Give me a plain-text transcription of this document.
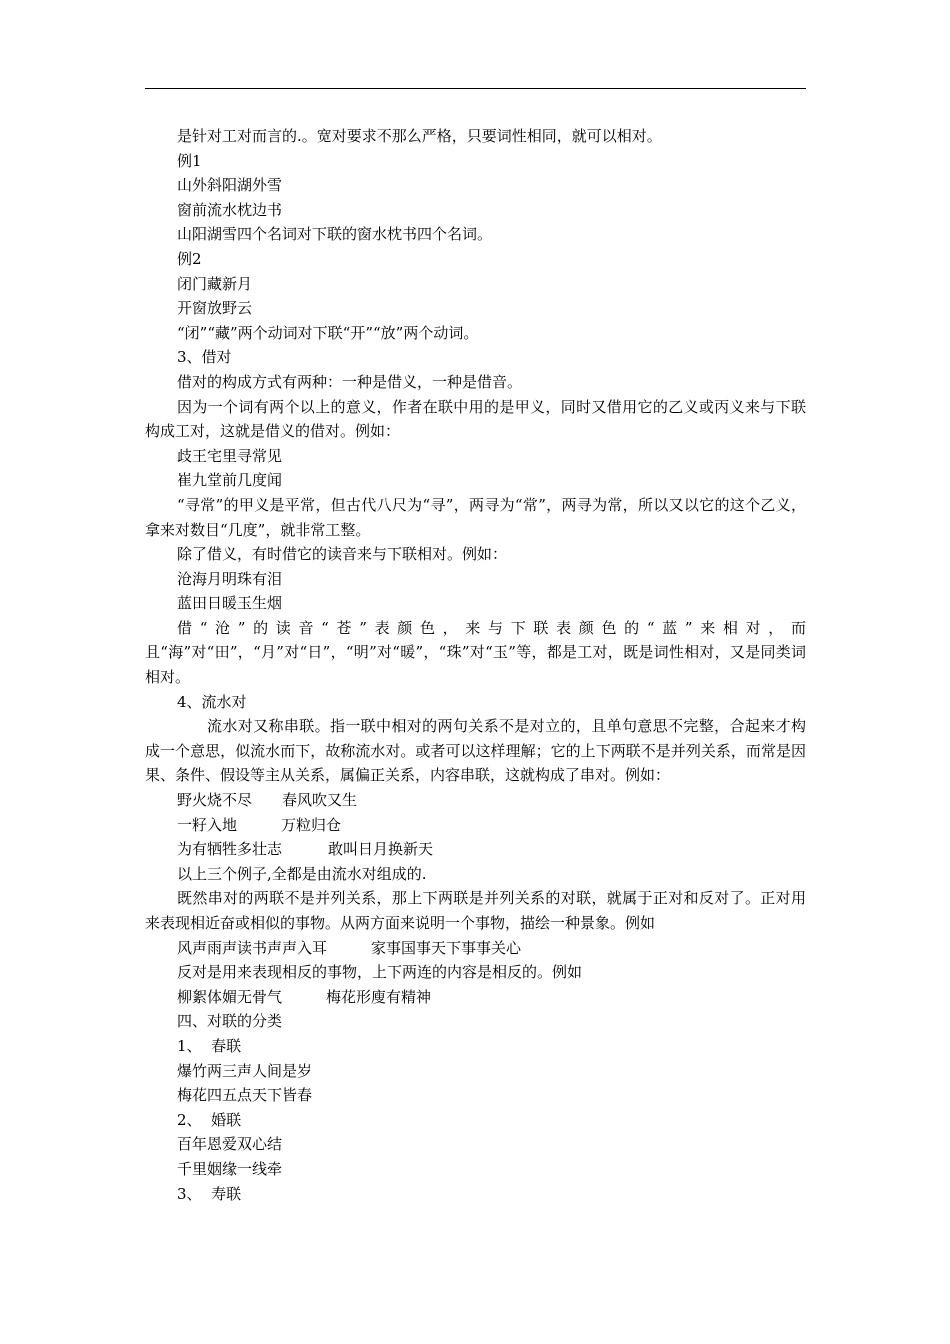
是针对工对而言的.。宽对要求不那么严格，只要词性相同，就可以相对。
例1
山外斜阳湖外雪
窗前流水枕边书
山阳湖雪四个名词对下联的窗水枕书四个名词。
例2
闭门藏新月
开窗放野云
“闭”“藏”两个动词对下联“开”“放”两个动词。
3、借对
借对的构成方式有两种：一种是借义，一种是借音。
因为一个词有两个以上的意义，作者在联中用的是甲义，同时又借用它的乙义或丙义来与下联构成工对，这就是借义的借对。例如：
歧王宅里寻常见
崔九堂前几度闻
“寻常”的甲义是平常，但古代八尺为“寻”，两寻为“常”，两寻为常，所以又以它的这个乙义，拿来对数目“几度”，就非常工整。
除了借义，有时借它的读音来与下联相对。例如：
沧海月明珠有泪
蓝田日暖玉生烟
借“沧”的读音“苍”表颜色，来与下联表颜色的“蓝”来相对，而且“海”对“田”，“月”对“日”，“明”对“暖”，“珠”对“玉”等，都是工对，既是词性相对，又是同类词相对。
4、流水对
流水对又称串联。指一联中相对的两句关系不是对立的，且单句意思不完整，合起来才构成一个意思，似流水而下，故称流水对。或者可以这样理解；它的上下两联不是并列关系，而常是因果、条件、假设等主从关系，属偏正关系，内容串联，这就构成了串对。例如：
野火烧不尽 春风吹又生
一籽入地	万粒归仓
为有牺牲多壮志	敢叫日月换新天
以上三个例子,全都是由流水对组成的.
既然串对的两联不是并列关系，那上下两联是并列关系的对联，就属于正对和反对了。正对用来表现相近奋或相似的事物。从两方面来说明一个事物，描绘一种景象。例如
风声雨声读书声声入耳	家事国事天下事事关心
反对是用来表现相反的事物，上下两连的内容是相反的。例如
柳絮体媚无骨气	梅花形廋有精神
四、对联的分类
1、  春联
爆竹两三声人间是岁
梅花四五点天下皆春
2、  婚联
百年恩爱双心结
千里姻缘一线牵
3、  寿联
